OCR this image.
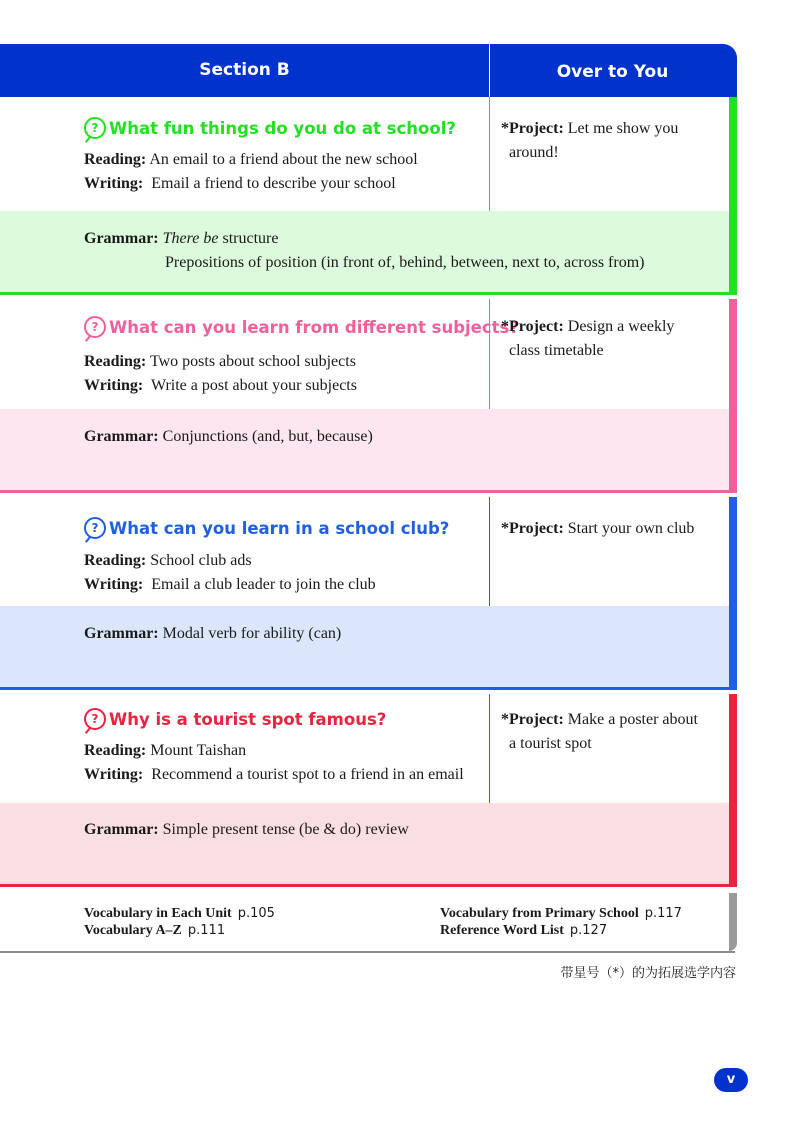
Section B	Over to You
? What fun things do you do at school?
Reading: An email to a friend about the new school
Writing: Email a friend to describe your school
*Project: Let me show you
around!
Grammar: There be structure
Prepositions of position (in front of, behind, between, next to, across from)
? What can you learn from different subjects?
Reading: Two posts about school subjects
Writing: Write a post about your subjects
*Project: Design a weekly
class timetable
Grammar: Conjunctions (and, but, because)
? What can you learn in a school club?
Reading: School club ads
Writing: Email a club leader to join the club
*Project: Start your own club
Grammar: Modal verb for ability (can)
? Why is a tourist spot famous?
Reading: Mount Taishan
Writing: Recommend a tourist spot to a friend in an email
*Project: Make a poster about
a tourist spot
Grammar: Simple present tense (be & do) review
Vocabulary in Each Unit p.105
Vocabulary A–Z p.111
Vocabulary from Primary School p.117
Reference Word List p.127
带星号（*）的为拓展选学内容
v
